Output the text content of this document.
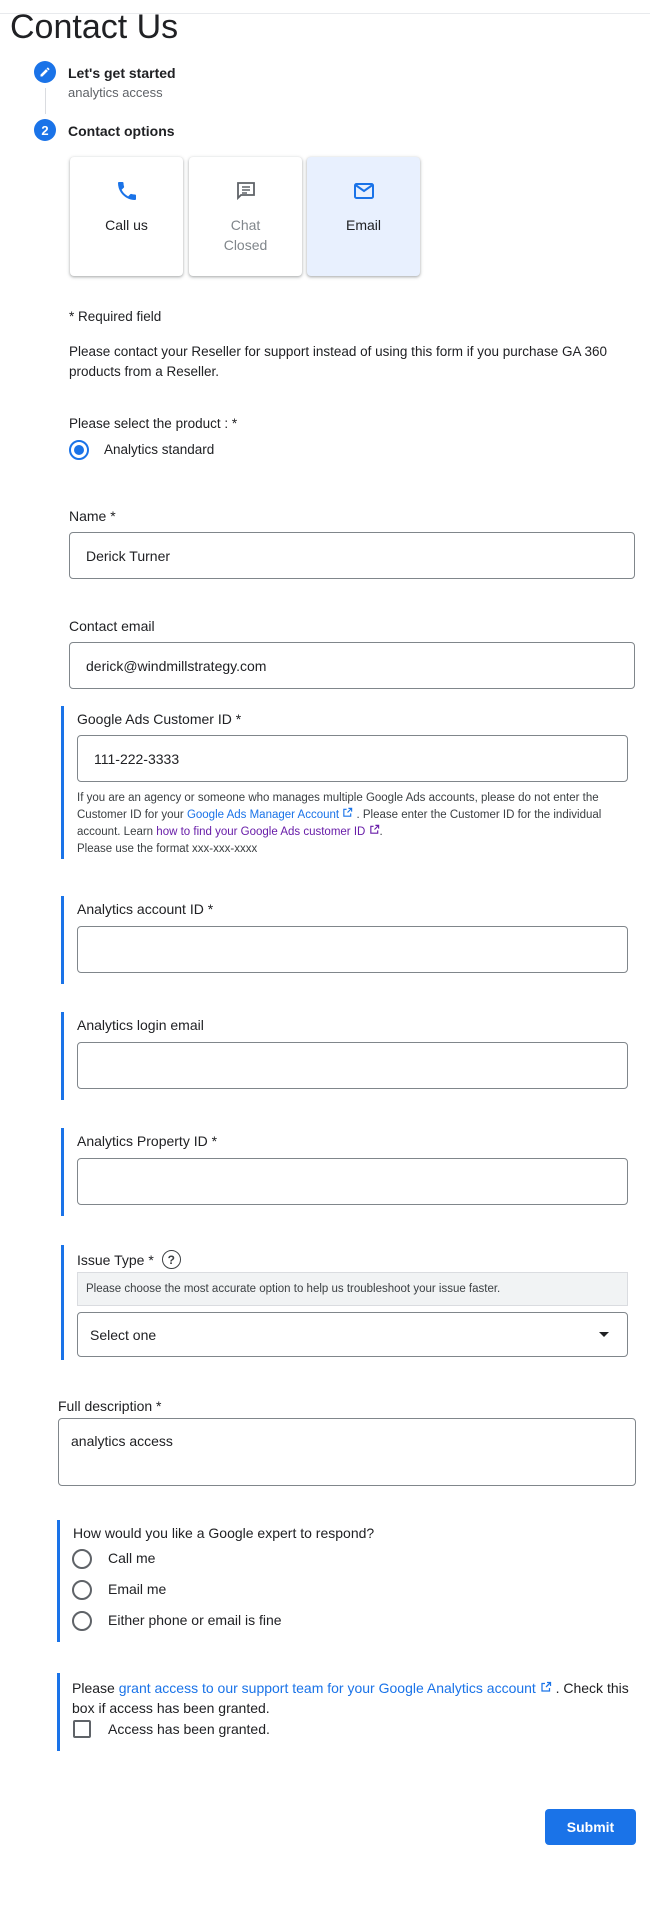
Contact Us
Let's get started
analytics access
2	Contact options
Call us	Chat
Closed
Email
* Required field
Please contact your Reseller for support instead of using this form if you purchase GA 360 products from a Reseller.
Please select the product : *
Analytics standard
Name *
Derick Turner
Contact email
derick@windmillstrategy.com
Google Ads Customer ID *
111-222-3333
If you are an agency or someone who manages multiple Google Ads accounts, please do not enter the Customer ID for your Google Ads Manager Account . Please enter the Customer ID for the individual account. Learn how to find your Google Ads customer ID .
Please use the format xxx-xxx-xxxx
Analytics account ID *
Analytics login email
Analytics Property ID *
Issue Type *	?
Please choose the most accurate option to help us troubleshoot your issue faster.
Select one
Full description *
analytics access
How would you like a Google expert to respond?
Call me
Email me
Either phone or email is fine
Please grant access to our support team for your Google Analytics account . Check this box if access has been granted.
Access has been granted.
Submit
